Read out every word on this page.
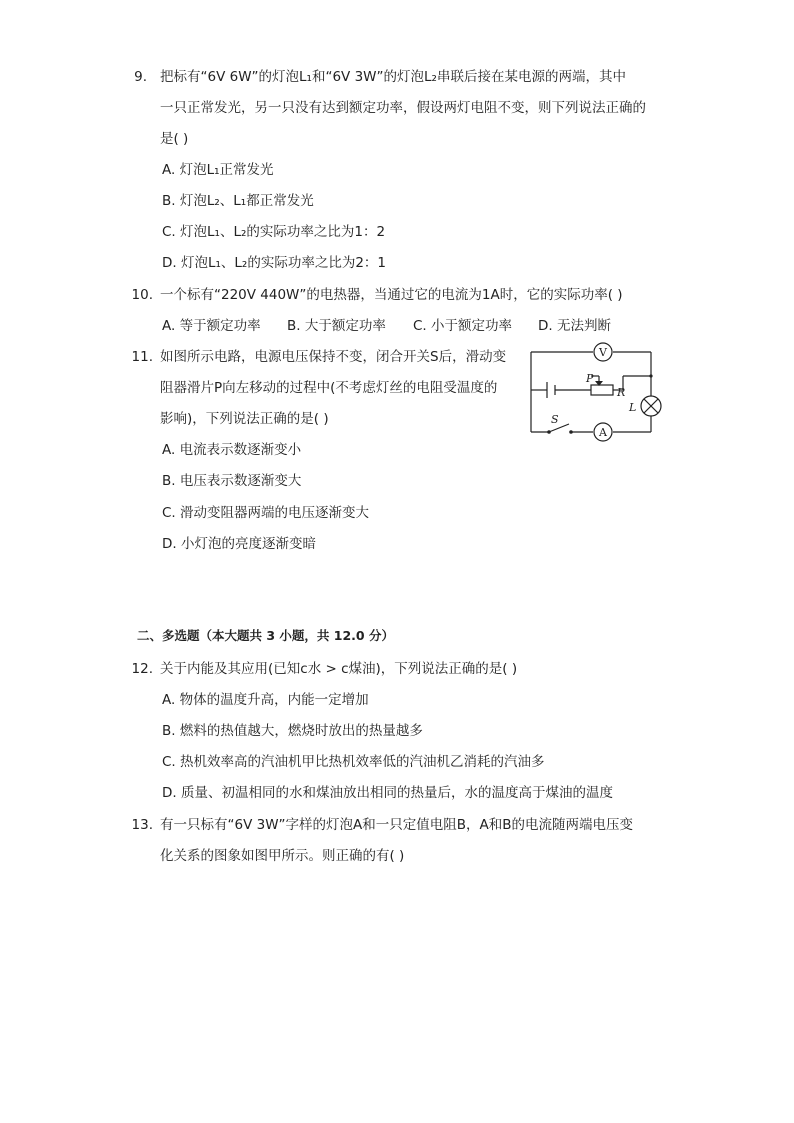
9. 把标有“6V 6W”的灯泡L₁和“6V 3W”的灯泡L₂串联后接在某电源的两端，其中
一只正常发光，另一只没有达到额定功率，假设两灯电阻不变，则下列说法正确的
是( )
A. 灯泡L₁正常发光
B. 灯泡L₂、L₁都正常发光
C. 灯泡L₁、L₂的实际功率之比为1：2
D. 灯泡L₁、L₂的实际功率之比为2：1
10. 一个标有“220V 440W”的电热器，当通过它的电流为1A时，它的实际功率( )
A. 等于额定功率 B. 大于额定功率 C. 小于额定功率 D. 无法判断
11. 如图所示电路，电源电压保持不变，闭合开关S后，滑动变
阻器滑片P向左移动的过程中(不考虑灯丝的电阻受温度的
影响)，下列说法正确的是( )
A. 电流表示数逐渐变小
B. 电压表示数逐渐变大
C. 滑动变阻器两端的电压逐渐变大
D. 小灯泡的亮度逐渐变暗
V
A
P
R
L
S
二、多选题（本大题共 3 小题，共 12.0 分）
12. 关于内能及其应用(已知c水 > c煤油)，下列说法正确的是( )
A. 物体的温度升高，内能一定增加
B. 燃料的热值越大，燃烧时放出的热量越多
C. 热机效率高的汽油机甲比热机效率低的汽油机乙消耗的汽油多
D. 质量、初温相同的水和煤油放出相同的热量后，水的温度高于煤油的温度
13. 有一只标有“6V 3W”字样的灯泡A和一只定值电阻B，A和B的电流随两端电压变
化关系的图象如图甲所示。则正确的有( )
